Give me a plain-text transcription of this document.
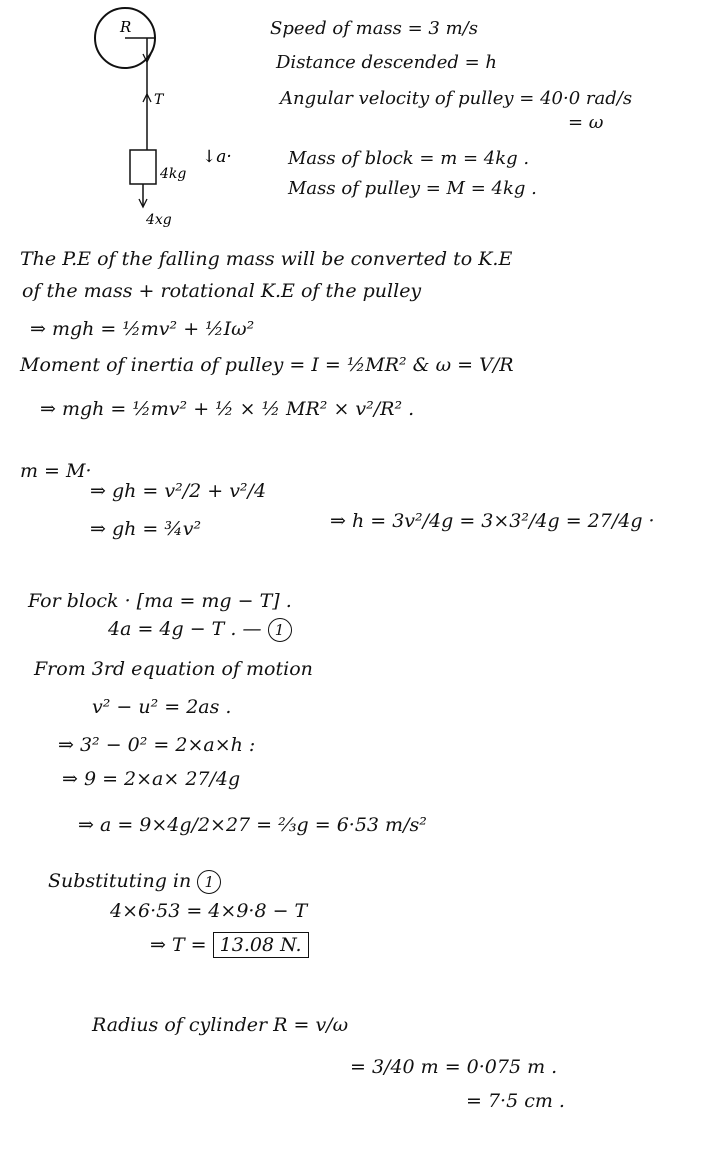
R
T
4kg
↓a·
4xg
Speed of mass = 3 m/s
Distance descended = h
Angular velocity of pulley = 40·0 rad/s
= ω
Mass of block = m = 4kg .
Mass of pulley = M = 4kg .
The P.E of the falling mass will be converted to K.E
of the mass + rotational K.E of the pulley
⇒ mgh = ½mv² + ½Iω²
Moment of inertia of pulley = I = ½MR² & ω = V/R
⇒ mgh = ½mv² + ½ × ½ MR² × v²/R² .
m = M·
⇒ gh = v²/2 + v²/4
⇒ gh = ¾v²	⇒ h = 3v²/4g = 3×3²/4g = 27/4g ·
For block · [ma = mg − T] .
4a = 4g − T . — 1
From 3rd equation of motion
v² − u² = 2as .
⇒ 3² − 0² = 2×a×h :
⇒ 9 = 2×a× 27/4g
⇒ a = 9×4g/2×27 = ⅔g = 6·53 m/s²
Substituting in 1
4×6·53 = 4×9·8 − T
⇒ T = 13.08 N.
Radius of cylinder R = v/ω
= 3/40 m = 0·075 m .
= 7·5 cm .
